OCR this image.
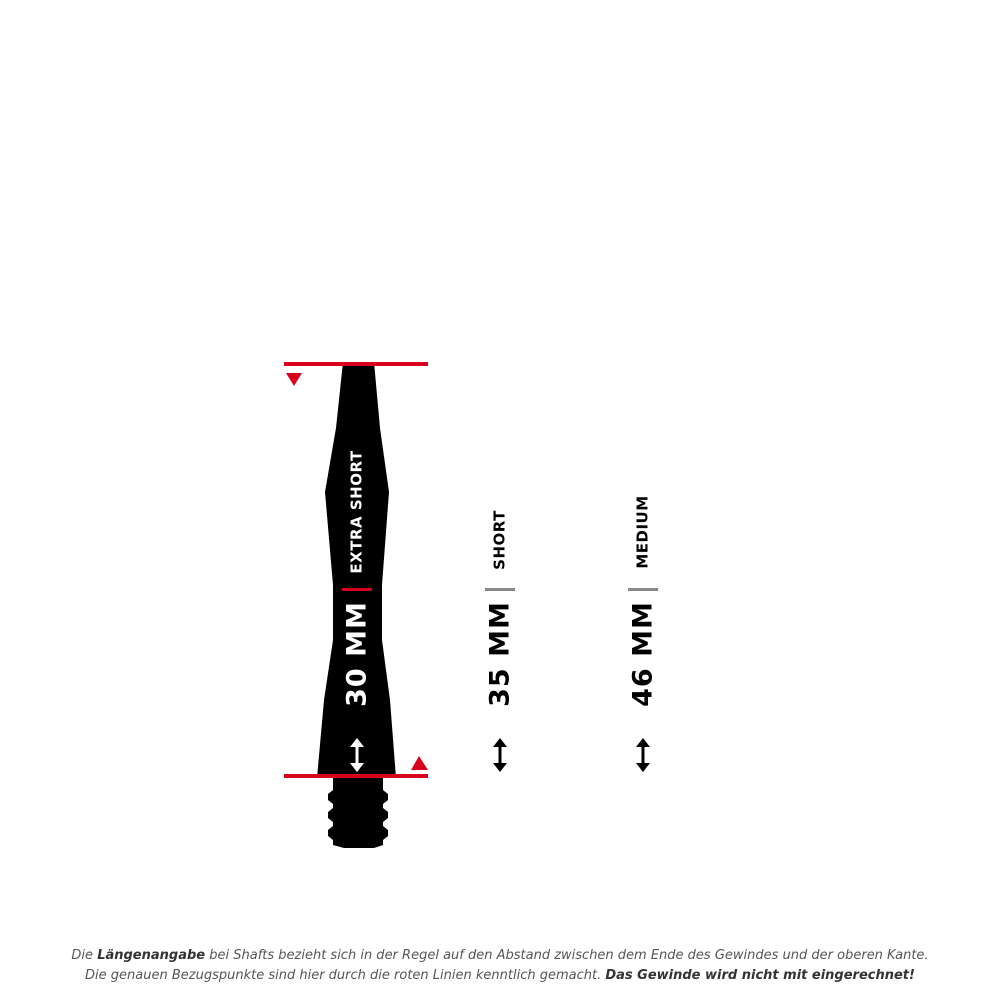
EXTRA SHORT
30 MM
SHORT
35 MM
MEDIUM
46 MM
Die Längenangabe bei Shafts bezieht sich in der Regel auf den Abstand zwischen dem Ende des Gewindes und der oberen Kante.
Die genauen Bezugspunkte sind hier durch die roten Linien kenntlich gemacht. Das Gewinde wird nicht mit eingerechnet!
